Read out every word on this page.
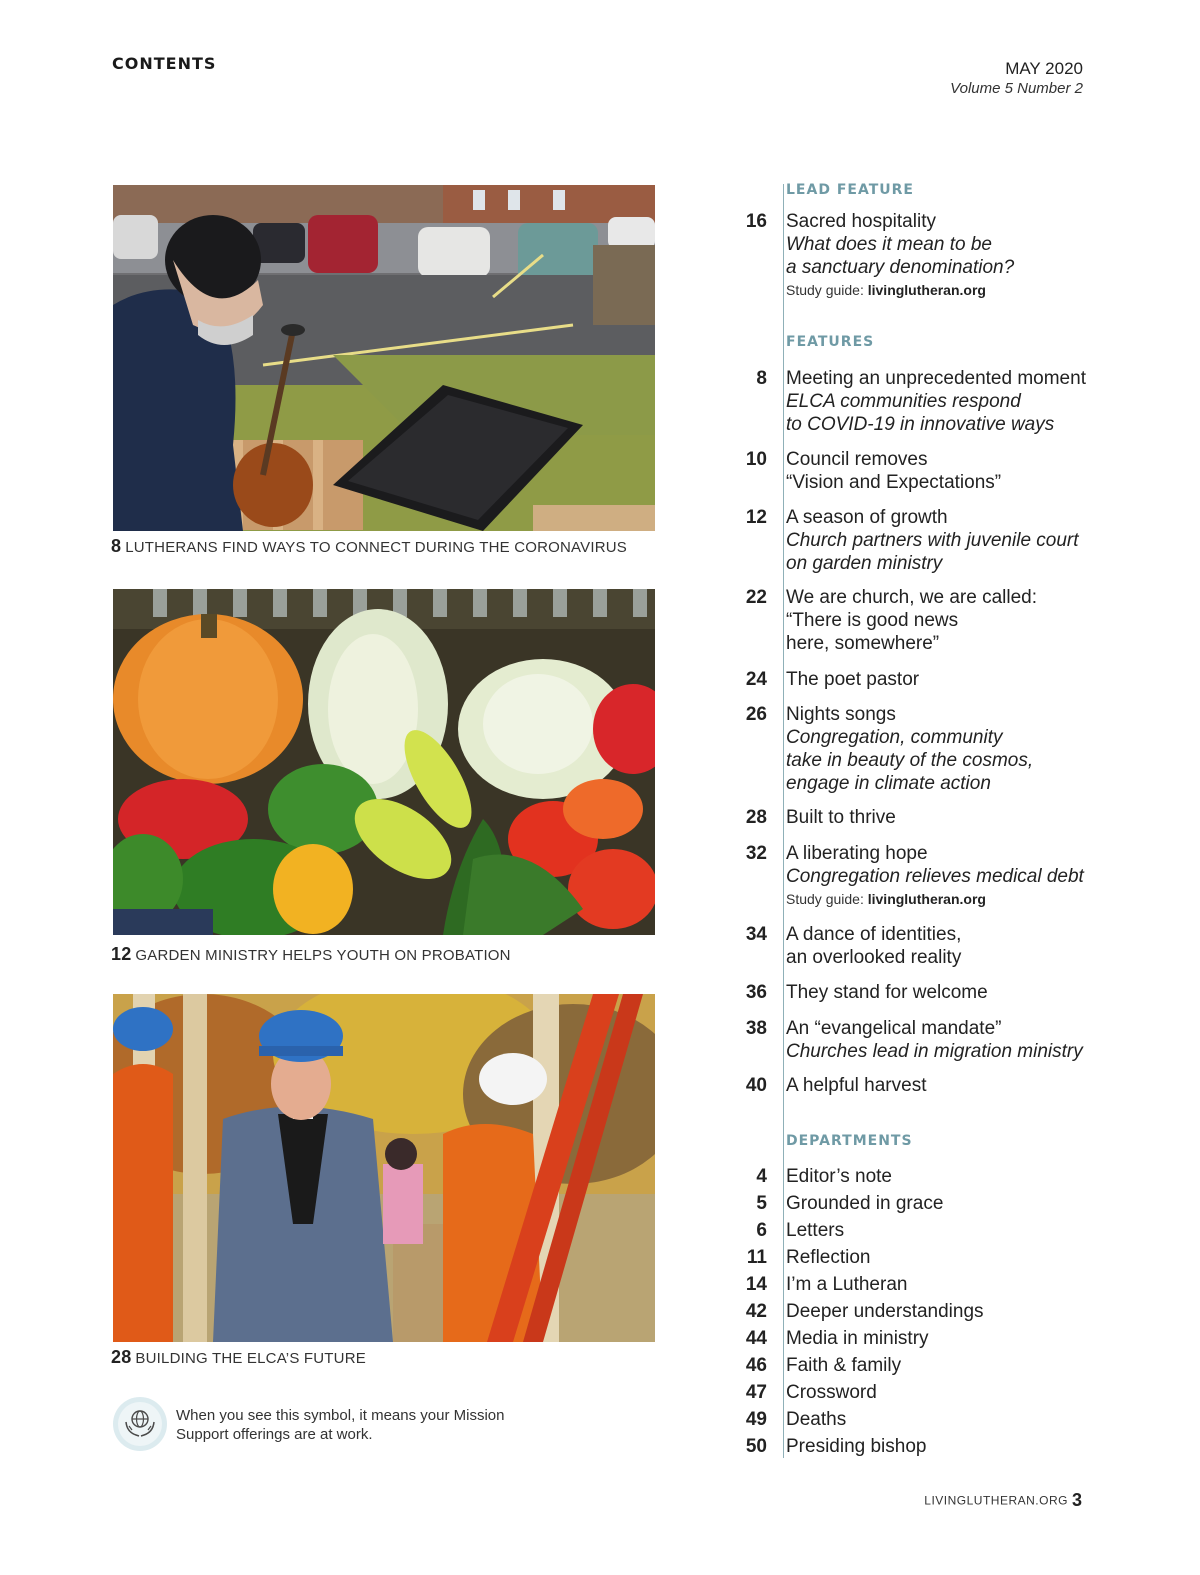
CONTENTS	MAY 2020
Volume 5 Number 2
8 LUTHERANS FIND WAYS TO CONNECT DURING THE CORONAVIRUS
12 GARDEN MINISTRY HELPS YOUTH ON PROBATION
28 BUILDING THE ELCA’S FUTURE
When you see this symbol, it means your Mission Support offerings are at work.
LEAD FEATURE
16 Sacred hospitality
What does it mean to be
a sanctuary denomination?
Study guide: livinglutheran.org
FEATURES
8 Meeting an unprecedented moment
ELCA communities respond
to COVID-19 in innovative ways
10 Council removes
“Vision and Expectations”
12 A season of growth
Church partners with juvenile court
on garden ministry
22 We are church, we are called:
“There is good news
here, somewhere”
24 The poet pastor
26 Nights songs
Congregation, community
take in beauty of the cosmos,
engage in climate action
28 Built to thrive
32 A liberating hope
Congregation relieves medical debt
Study guide: livinglutheran.org
34 A dance of identities,
an overlooked reality
36 They stand for welcome
38 An “evangelical mandate”
Churches lead in migration ministry
40 A helpful harvest
DEPARTMENTS
4 Editor’s note
5 Grounded in grace
6 Letters
11 Reflection
14 I’m a Lutheran
42 Deeper understandings
44 Media in ministry
46 Faith & family
47 Crossword
49 Deaths
50 Presiding bishop
LIVINGLUTHERAN.ORG 3
